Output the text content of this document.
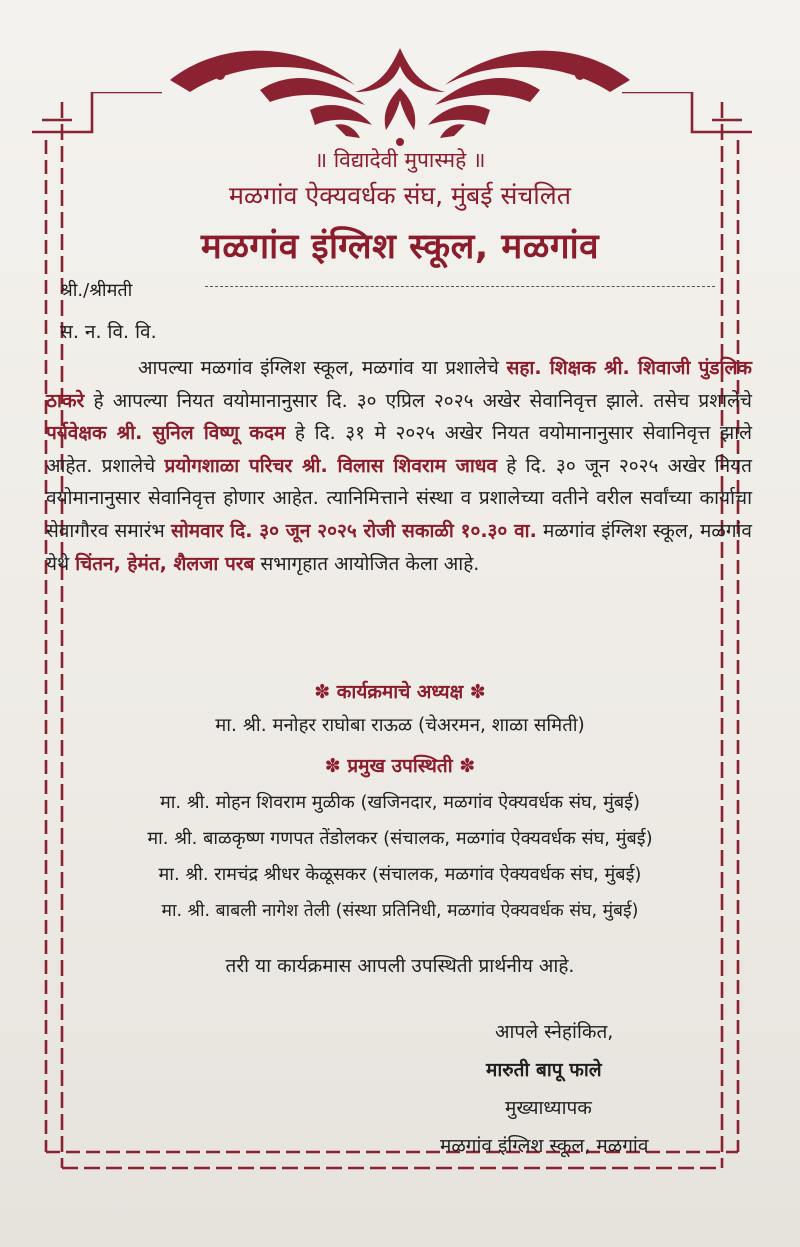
॥ विद्यादेवी मुपास्महे ॥
मळगांव ऐक्यवर्धक संघ, मुंबई संचलित
मळगांव इंग्लिश स्कूल, मळगांव
श्री./श्रीमती
स. न. वि. वि.
आपल्या मळगांव इंग्लिश स्कूल, मळगांव या प्रशालेचे सहा. शिक्षक श्री. शिवाजी पुंडलिक ठाकरे हे आपल्या नियत वयोमानानुसार दि. ३० एप्रिल २०२५ अखेर सेवानिवृत्त झाले. तसेच प्रशालेचे पर्यवेक्षक श्री. सुनिल विष्णू कदम हे दि. ३१ मे २०२५ अखेर नियत वयोमानानुसार सेवानिवृत्त झाले आहेत. प्रशालेचे प्रयोगशाळा परिचर श्री. विलास शिवराम जाधव हे दि. ३० जून २०२५ अखेर नियत वयोमानानुसार सेवानिवृत्त होणार आहेत. त्यानिमित्ताने संस्था व प्रशालेच्या वतीने वरील सर्वांच्या कार्याचा सेवागौरव समारंभ सोमवार दि. ३० जून २०२५ रोजी सकाळी १०.३० वा. मळगांव इंग्लिश स्कूल, मळगांव येथे चिंतन, हेमंत, शैलजा परब सभागृहात आयोजित केला आहे.
✽ कार्यक्रमाचे अध्यक्ष ✽
मा. श्री. मनोहर राघोबा राऊळ (चेअरमन, शाळा समिती)
✽ प्रमुख उपस्थिती ✽
मा. श्री. मोहन शिवराम मुळीक (खजिनदार, मळगांव ऐक्यवर्धक संघ, मुंबई)
मा. श्री. बाळकृष्ण गणपत तेंडोलकर (संचालक, मळगांव ऐक्यवर्धक संघ, मुंबई)
मा. श्री. रामचंद्र श्रीधर केळूसकर (संचालक, मळगांव ऐक्यवर्धक संघ, मुंबई)
मा. श्री. बाबली नागेश तेली (संस्था प्रतिनिधी, मळगांव ऐक्यवर्धक संघ, मुंबई)
तरी या कार्यक्रमास आपली उपस्थिती प्रार्थनीय आहे.
आपले स्नेहांकित,
मारुती बापू फाले
मुख्याध्यापक
मळगांव इंग्लिश स्कूल, मळगांव
